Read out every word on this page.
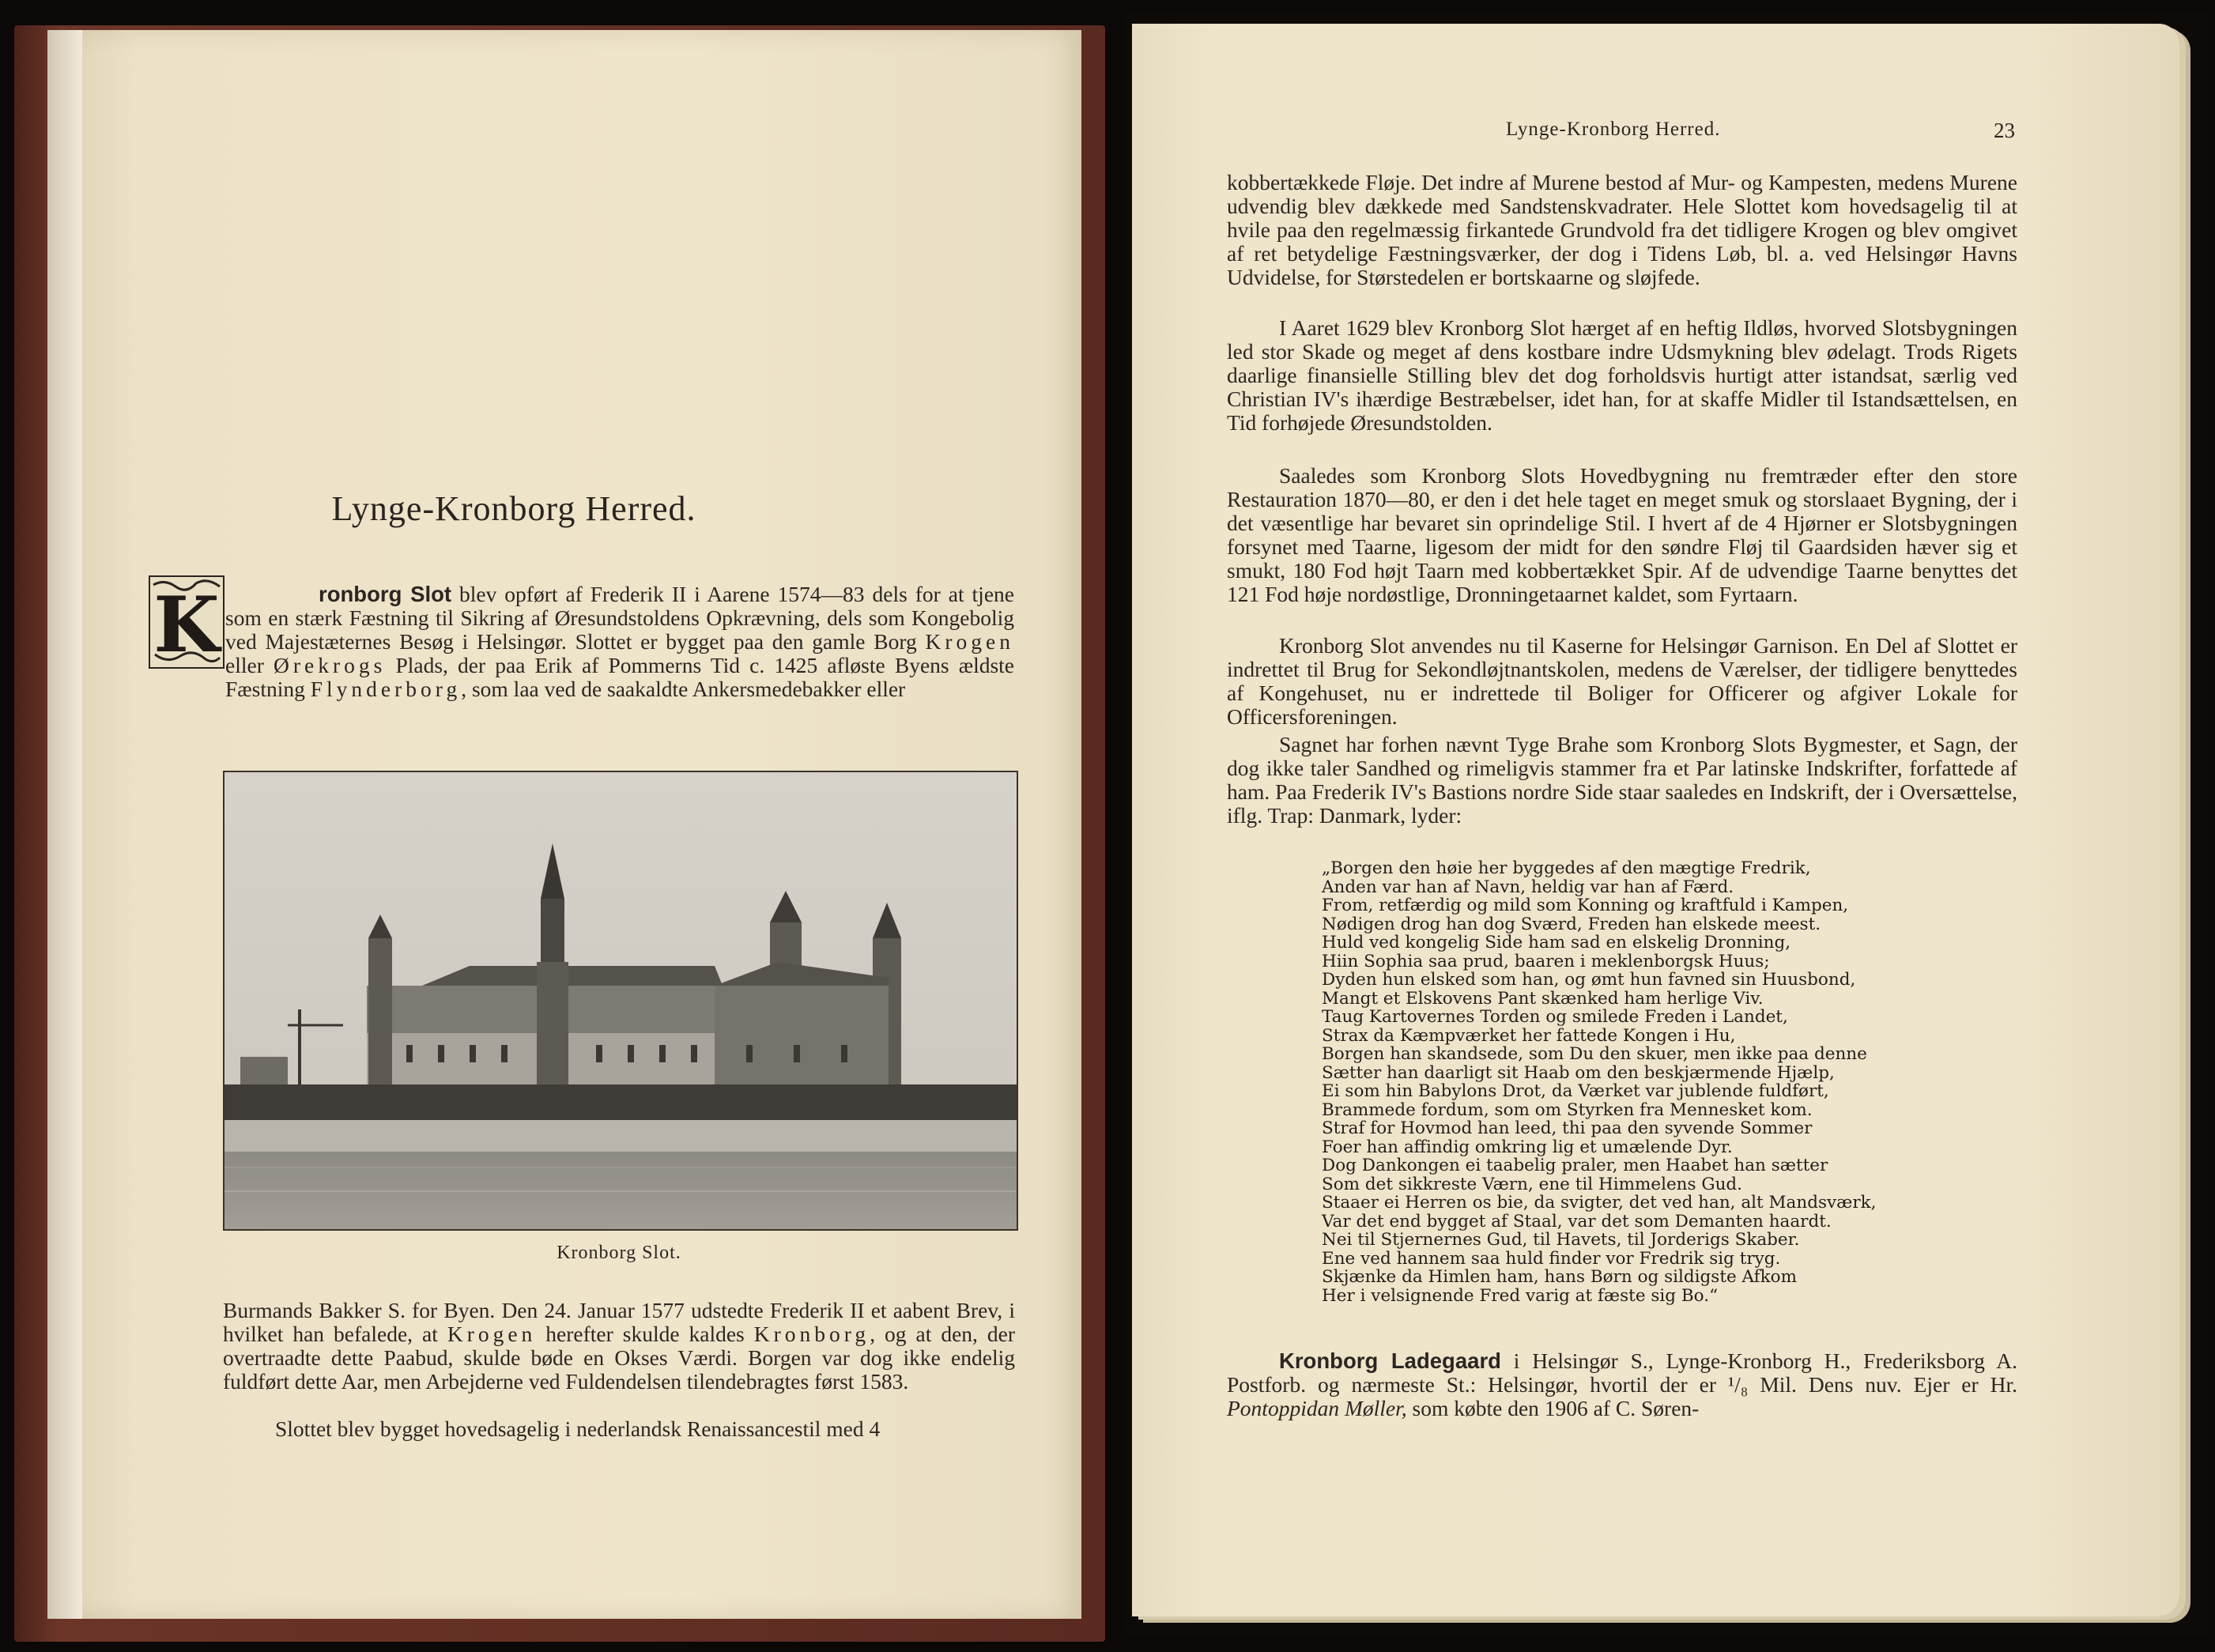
Lynge-Kronborg Herred.
K	ronborg Slot blev opført af Frederik II i Aarene 1574—83 dels for at tjene som en stærk Fæstning til Sikring af Øresundstoldens Opkrævning, dels som Kongebolig ved Majestæternes Besøg i Helsingør. Slottet er bygget paa den gamle Borg Krogen eller Ørekrogs Plads, der paa Erik af Pommerns Tid c. 1425 afløste Byens ældste Fæstning Flynderborg, som laa ved de saakaldte Ankersmedebakker eller
Kronborg Slot.
Burmands Bakker S. for Byen. Den 24. Januar 1577 udstedte Frederik II et aabent Brev, i hvilket han befalede, at Krogen herefter skulde kaldes Kronborg, og at den, der overtraadte dette Paabud, skulde bøde en Okses Værdi. Borgen var dog ikke endelig fuldført dette Aar, men Arbejderne ved Fuldendelsen tilendebragtes først 1583.
Slottet blev bygget hovedsagelig i nederlandsk Renaissancestil med 4
Lynge-Kronborg Herred.	23
kobbertækkede Fløje. Det indre af Murene bestod af Mur- og Kampesten, medens Murene udvendig blev dækkede med Sandstenskvadrater. Hele Slottet kom hovedsagelig til at hvile paa den regelmæssig firkantede Grundvold fra det tidligere Krogen og blev omgivet af ret betydelige Fæstningsværker, der dog i Tidens Løb, bl. a. ved Helsingør Havns Udvidelse, for Størstedelen er bortskaarne og sløjfede.
I Aaret 1629 blev Kronborg Slot hærget af en heftig Ildløs, hvorved Slotsbygningen led stor Skade og meget af dens kostbare indre Udsmykning blev ødelagt. Trods Rigets daarlige finansielle Stilling blev det dog forholdsvis hurtigt atter istandsat, særlig ved Christian IV's ihærdige Bestræbelser, idet han, for at skaffe Midler til Istandsættelsen, en Tid forhøjede Øresundstolden.
Saaledes som Kronborg Slots Hovedbygning nu fremtræder efter den store Restauration 1870—80, er den i det hele taget en meget smuk og storslaaet Bygning, der i det væsentlige har bevaret sin oprindelige Stil. I hvert af de 4 Hjørner er Slotsbygningen forsynet med Taarne, ligesom der midt for den søndre Fløj til Gaardsiden hæver sig et smukt, 180 Fod højt Taarn med kobbertækket Spir. Af de udvendige Taarne benyttes det 121 Fod høje nordøstlige, Dronningetaarnet kaldet, som Fyrtaarn.
Kronborg Slot anvendes nu til Kaserne for Helsingør Garnison. En Del af Slottet er indrettet til Brug for Sekondløjtnantskolen, medens de Værelser, der tidligere benyttedes af Kongehuset, nu er indrettede til Boliger for Officerer og afgiver Lokale for Officersforeningen.
Sagnet har forhen nævnt Tyge Brahe som Kronborg Slots Bygmester, et Sagn, der dog ikke taler Sandhed og rimeligvis stammer fra et Par latinske Indskrifter, forfattede af ham. Paa Frederik IV's Bastions nordre Side staar saaledes en Indskrift, der i Oversættelse, iflg. Trap: Danmark, lyder:
„Borgen den høie her byggedes af den mægtige Fredrik,
Anden var han af Navn, heldig var han af Færd.
From, retfærdig og mild som Konning og kraftfuld i Kampen,
Nødigen drog han dog Sværd, Freden han elskede meest.
Huld ved kongelig Side ham sad en elskelig Dronning,
Hiin Sophia saa prud, baaren i meklenborgsk Huus;
Dyden hun elsked som han, og ømt hun favned sin Huusbond,
Mangt et Elskovens Pant skænked ham herlige Viv.
Taug Kartovernes Torden og smilede Freden i Landet,
Strax da Kæmpværket her fattede Kongen i Hu,
Borgen han skandsede, som Du den skuer, men ikke paa denne
Sætter han daarligt sit Haab om den beskjærmende Hjælp,
Ei som hin Babylons Drot, da Værket var jublende fuldført,
Brammede fordum, som om Styrken fra Mennesket kom.
Straf for Hovmod han leed, thi paa den syvende Sommer
Foer han affindig omkring lig et umælende Dyr.
Dog Dankongen ei taabelig praler, men Haabet han sætter
Som det sikkreste Værn, ene til Himmelens Gud.
Staaer ei Herren os bie, da svigter, det ved han, alt Mandsværk,
Var det end bygget af Staal, var det som Demanten haardt.
Nei til Stjernernes Gud, til Havets, til Jorderigs Skaber.
Ene ved hannem saa huld finder vor Fredrik sig tryg.
Skjænke da Himlen ham, hans Børn og sildigste Afkom
Her i velsignende Fred varig at fæste sig Bo.“
Kronborg Ladegaard i Helsingør S., Lynge-Kronborg H., Frederiksborg A. Postforb. og nærmeste St.: Helsingør, hvortil der er ¹/₈ Mil. Dens nuv. Ejer er Hr. Pontoppidan Møller, som købte den 1906 af C. Søren-
